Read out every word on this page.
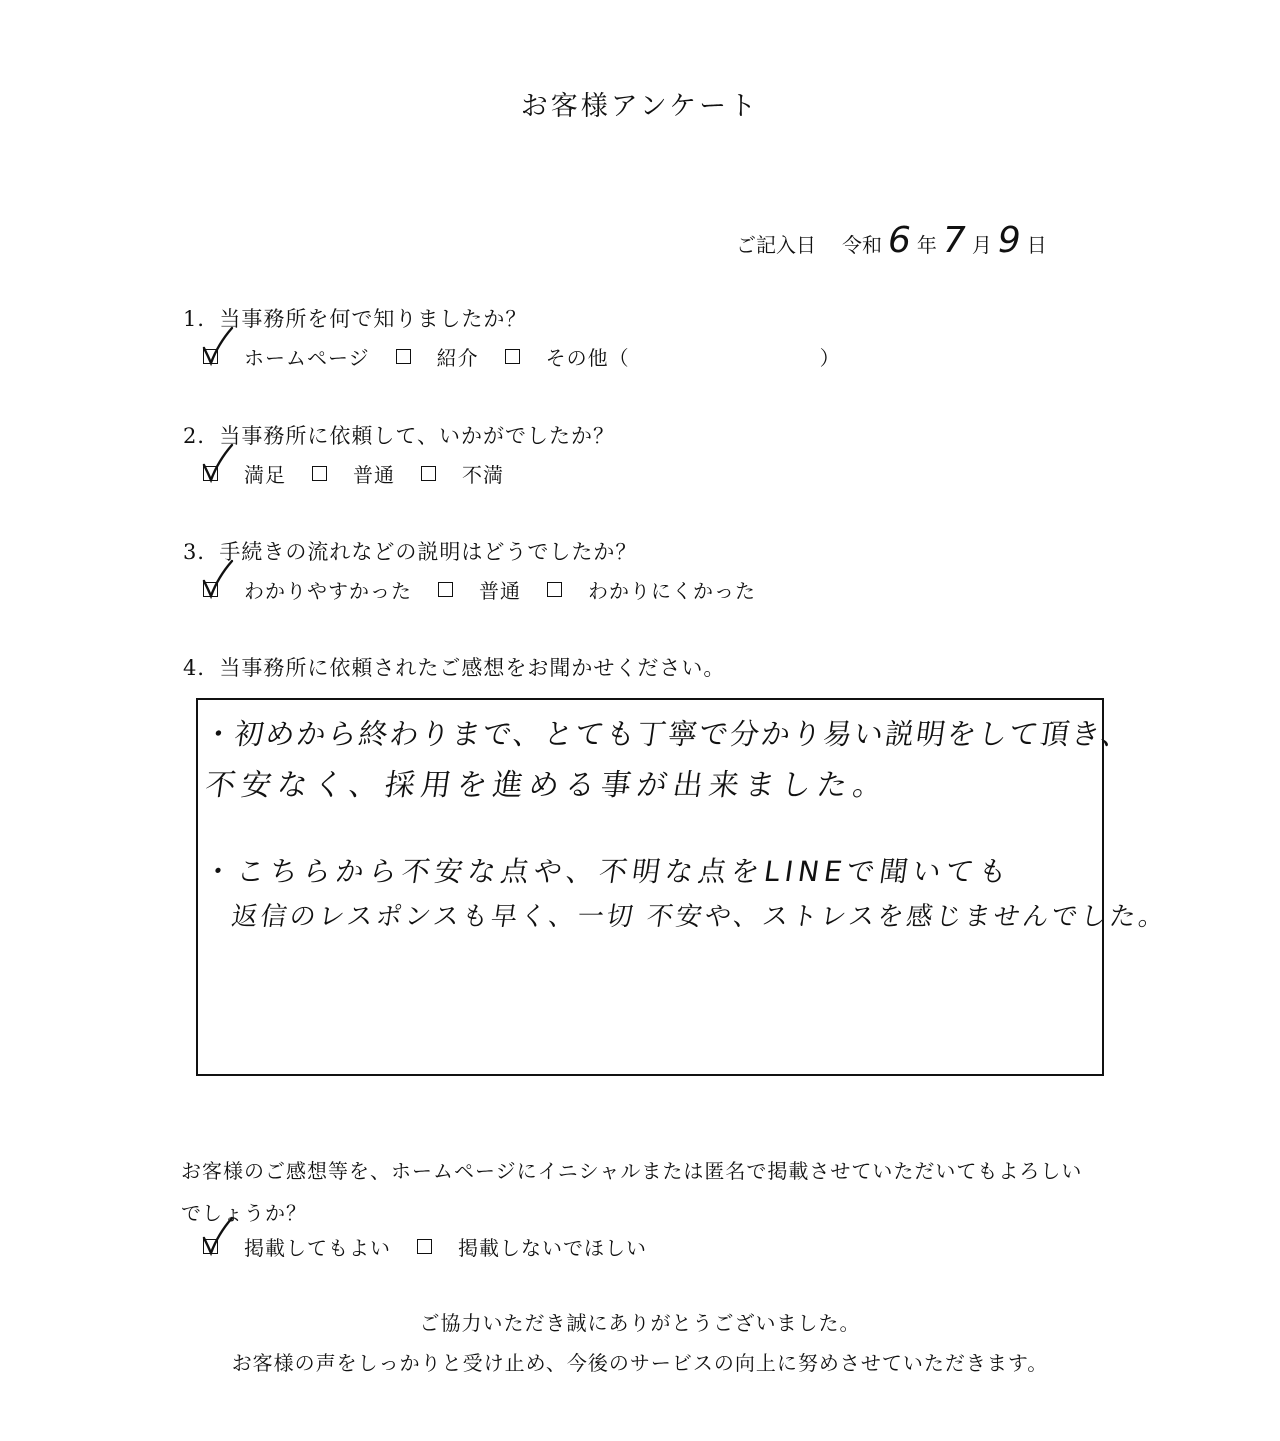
お客様アンケート
ご記入日 令和 6 年 7 月 9 日
1．当事務所を何で知りましたか？
ホームページ	紹介	その他（	）
2．当事務所に依頼して、いかがでしたか？
満足	普通	不満
3．手続きの流れなどの説明はどうでしたか？
わかりやすかった	普通	わかりにくかった
4．当事務所に依頼されたご感想をお聞かせください。
・初めから終わりまで、とても丁寧で分かり易い説明をして頂き、
不安なく、採用を進める事が出来ました。
・こちらから不安な点や、不明な点をLINEで聞いても
返信のレスポンスも早く、一切 不安や、ストレスを感じませんでした。
お客様のご感想等を、ホームページにイニシャルまたは匿名で掲載させていただいてもよろしいでしょうか？
掲載してもよい	掲載しないでほしい
ご協力いただき誠にありがとうございました。
お客様の声をしっかりと受け止め、今後のサービスの向上に努めさせていただきます。
